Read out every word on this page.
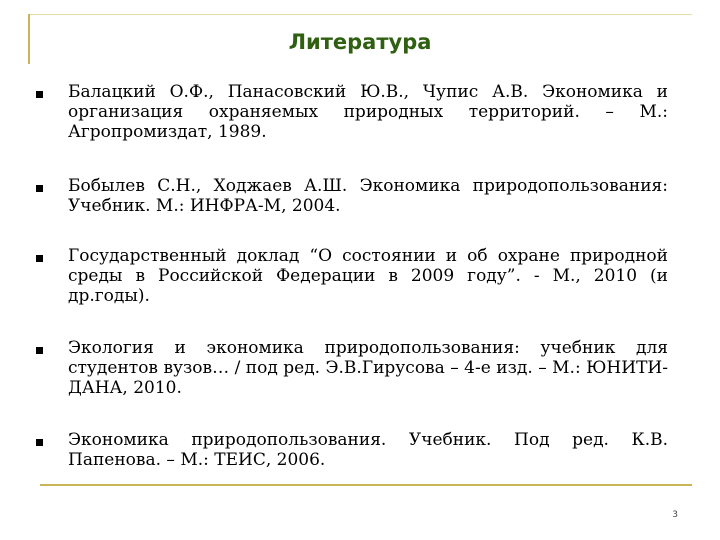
Литература
Балацкий О.Ф., Панасовский Ю.В., Чупис А.В. Экономика и организация охраняемых природных территорий. – М.: Агропромиздат, 1989.
Бобылев С.Н., Ходжаев А.Ш. Экономика природопользования: Учебник. М.: ИНФРА-М, 2004.
Государственный доклад “О состоянии и об охране природной среды в Российской Федерации в 2009 году”. - М., 2010 (и др.годы).
Экология и экономика природопользования: учебник для студентов вузов… / под ред. Э.В.Гирусова – 4-е изд. – М.: ЮНИТИ-ДАНА, 2010.
Экономика природопользования. Учебник. Под ред. К.В. Папенова. – М.: ТЕИС, 2006.
3
